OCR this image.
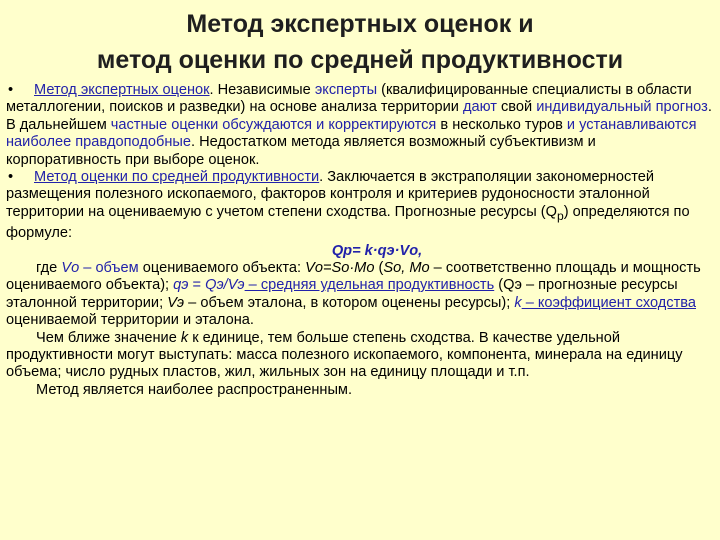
Метод экспертных оценок и
метод оценки по средней продуктивности

• Метод экспертных оценок. Независимые эксперты (квалифицированные специалисты в области металлогении, поисков и разведки) на основе анализа территории дают свой индивидуальный прогноз. В дальнейшем частные оценки обсуждаются и корректируются в несколько туров и устанавливаются наиболее правдоподобные. Недостатком метода является возможный субъективизм и корпоративность при выборе оценок.

• Метод оценки по средней продуктивности. Заключается в экстраполяции закономерностей размещения полезного ископаемого, факторов контроля и критериев рудоносности эталонной территории на оцениваемую с учетом степени сходства. Прогнозные ресурсы $(Q_р)$ определяются по формуле:

Qр= k·qэ·Vо,

где Vо – объем оцениваемого объекта: Vо=Sо·Mо (Sо, Mо – соответственно площадь и мощность оцениваемого объекта); qэ = Qэ/Vэ – средняя удельная продуктивность (Qэ – прогнозные ресурсы эталонной территории; Vэ – объем эталона, в котором оценены ресурсы); k – коэффициент сходства оцениваемой территории и эталона.

Чем ближе значение k к единице, тем больше степень сходства. В качестве удельной продуктивности могут выступать: масса полезного ископаемого, компонента, минерала на единицу объема; число рудных пластов, жил, жильных зон на единицу площади и т.п.

Метод является наиболее распространенным.
